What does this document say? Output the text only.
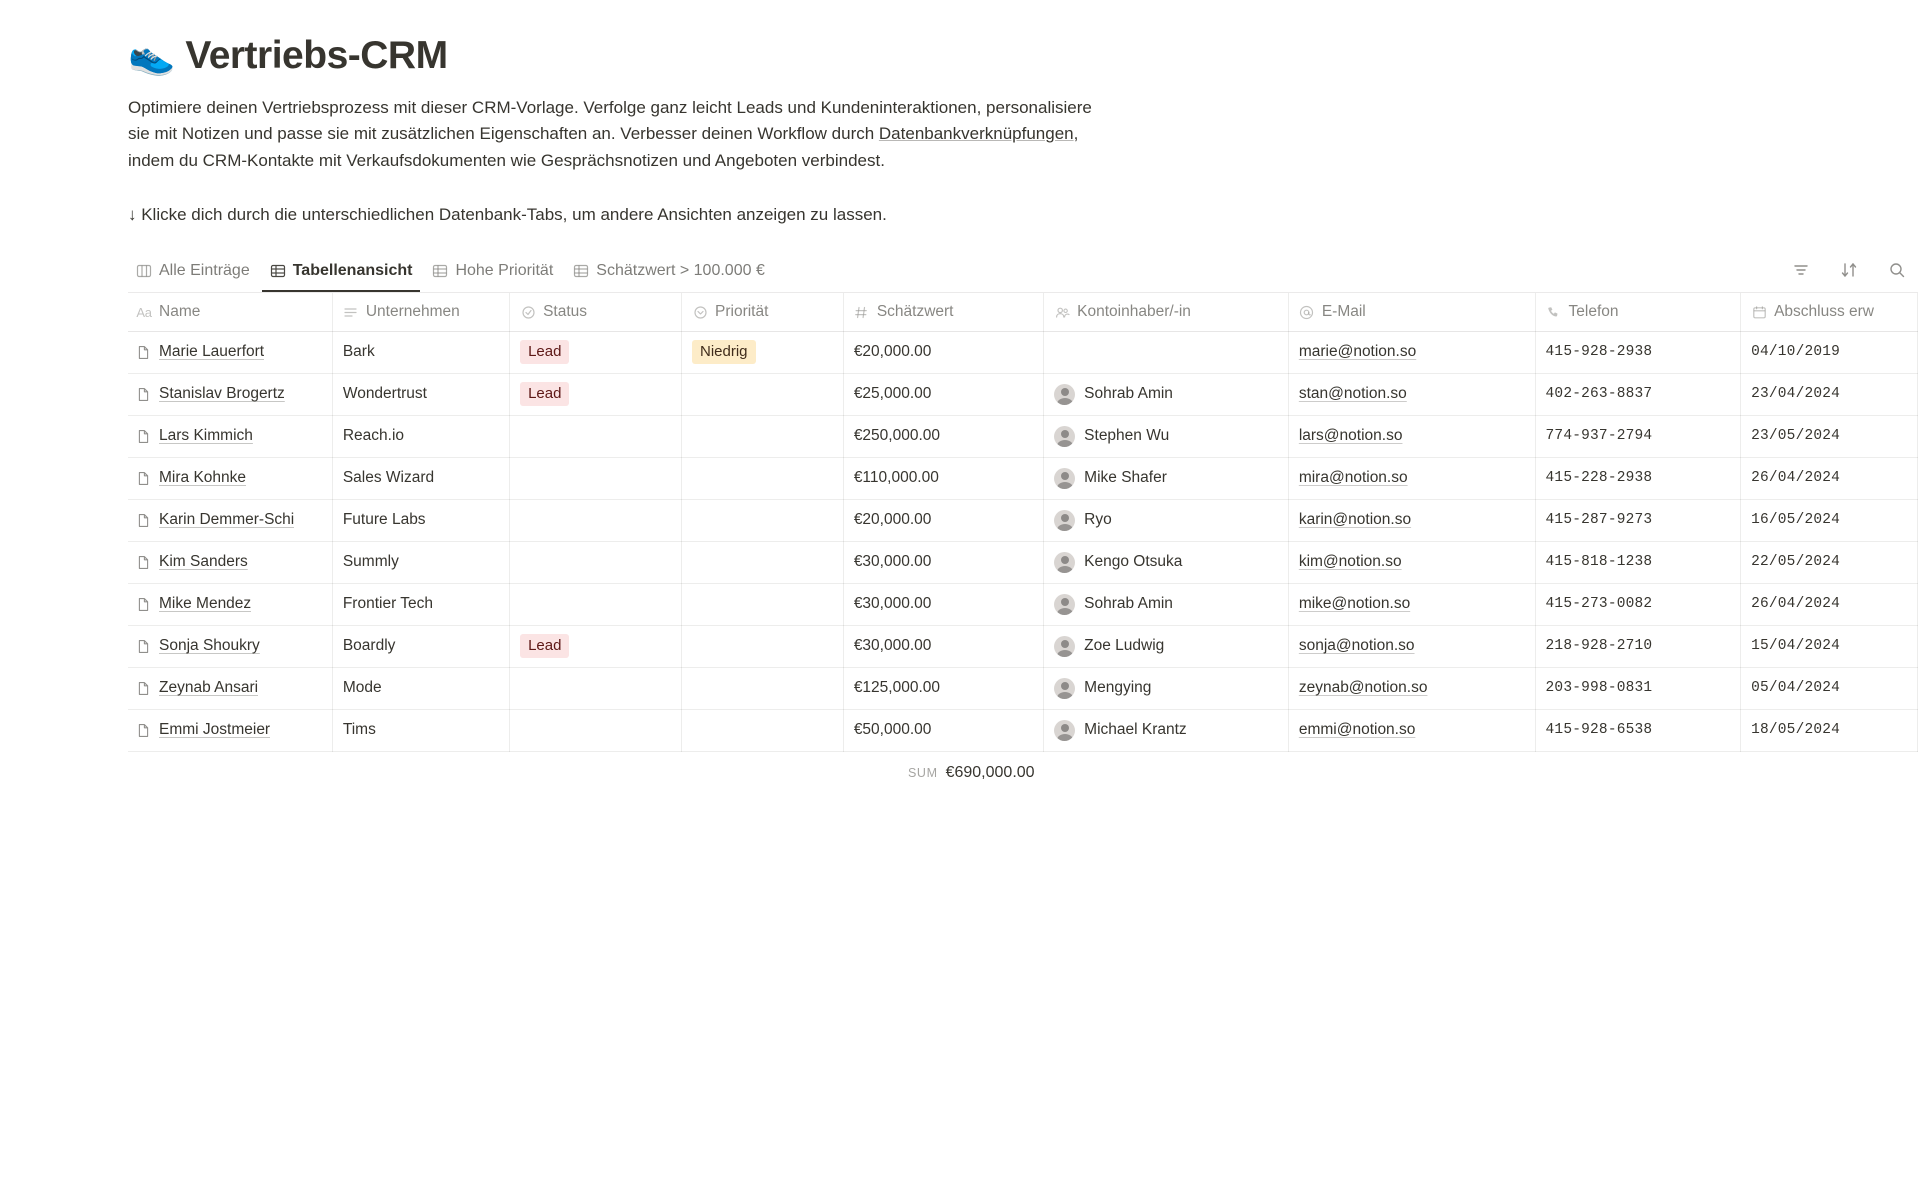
👟 Vertriebs-CRM

Optimiere deinen Vertriebsprozess mit dieser CRM-Vorlage. Verfolge ganz leicht Leads und Kundeninteraktionen, personalisiere sie mit Notizen und passe sie mit zusätzlichen Eigenschaften an. Verbesser deinen Workflow durch Datenbankverknüpfungen, indem du CRM-Kontakte mit Verkaufsdokumenten wie Gesprächsnotizen und Angeboten verbindest.

↓ Klicke dich durch die unterschiedlichen Datenbank-Tabs, um andere Ansichten anzeigen zu lassen.

Alle Einträge	Tabellenansicht	Hohe Priorität	Schätzwert > 100.000 €
Aa Name	Unternehmen	Status	Priorität	Schätzwert	Kontoinhaber/-in	E-Mail	Telefon	Abschluss erw

Marie Lauerfort	Bark	Lead	Niedrig	€20,000.00		marie@notion.so	415-928-2938	04/10/2019

Stanislav Brogertz	Wondertrust	Lead		€25,000.00	Sohrab Amin	stan@notion.so	402-263-8837	23/04/2024

Lars Kimmich	Reach.io			€250,000.00	Stephen Wu	lars@notion.so	774-937-2794	23/05/2024

Mira Kohnke	Sales Wizard			€110,000.00	Mike Shafer	mira@notion.so	415-228-2938	26/04/2024

Karin Demmer-Schi	Future Labs			€20,000.00	Ryo	karin@notion.so	415-287-9273	16/05/2024

Kim Sanders	Summly			€30,000.00	Kengo Otsuka	kim@notion.so	415-818-1238	22/05/2024

Mike Mendez	Frontier Tech			€30,000.00	Sohrab Amin	mike@notion.so	415-273-0082	26/04/2024

Sonja Shoukry	Boardly	Lead		€30,000.00	Zoe Ludwig	sonja@notion.so	218-928-2710	15/04/2024

Zeynab Ansari	Mode			€125,000.00	Mengying	zeynab@notion.so	203-998-0831	05/04/2024

Emmi Jostmeier	Tims			€50,000.00	Michael Krantz	emmi@notion.so	415-928-6538	18/05/2024
SUM €690,000.00
